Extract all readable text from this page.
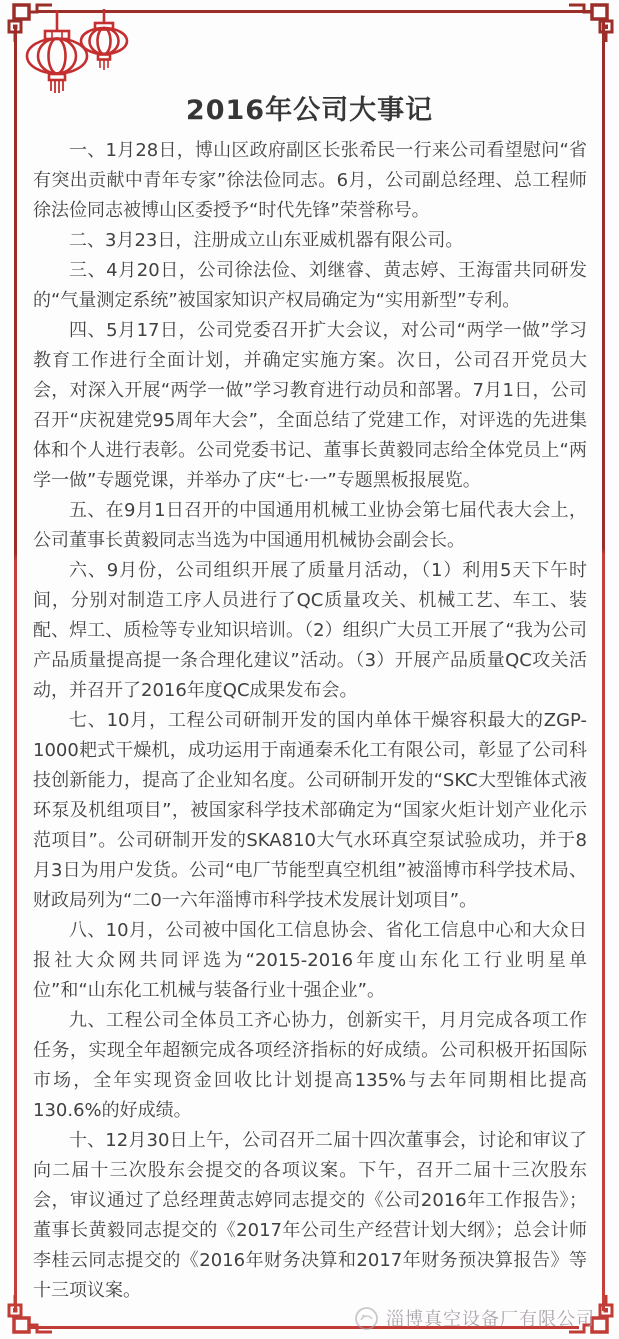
2016年公司大事记

一、1月28日，博山区政府副区长张希民一行来公司看望慰问“省有突出贡献中青年专家”徐法俭同志。6月，公司副总经理、总工程师徐法俭同志被博山区委授予“时代先锋”荣誉称号。

二、3月23日，注册成立山东亚威机器有限公司。

三、4月20日，公司徐法俭、刘继睿、黄志婷、王海雷共同研发的“气量测定系统”被国家知识产权局确定为“实用新型”专利。

四、5月17日，公司党委召开扩大会议，对公司“两学一做”学习教育工作进行全面计划，并确定实施方案。次日，公司召开党员大会，对深入开展“两学一做”学习教育进行动员和部署。7月1日，公司召开“庆祝建党95周年大会”，全面总结了党建工作，对评选的先进集体和个人进行表彰。公司党委书记、董事长黄毅同志给全体党员上“两学一做”专题党课，并举办了庆“七·一”专题黑板报展览。

五、在9月1日召开的中国通用机械工业协会第七届代表大会上，公司董事长黄毅同志当选为中国通用机械协会副会长。

六、9月份，公司组织开展了质量月活动，（1）利用5天下午时间，分别对制造工序人员进行了QC质量攻关、机械工艺、车工、装配、焊工、质检等专业知识培训。（2）组织广大员工开展了“我为公司产品质量提高提一条合理化建议”活动。（3）开展产品质量QC攻关活动，并召开了2016年度QC成果发布会。

七、10月，工程公司研制开发的国内单体干燥容积最大的ZGP-1000耙式干燥机，成功运用于南通秦禾化工有限公司，彰显了公司科技创新能力，提高了企业知名度。公司研制开发的“SKC大型锥体式液环泵及机组项目”，被国家科学技术部确定为“国家火炬计划产业化示范项目”。公司研制开发的SKA810大气水环真空泵试验成功，并于8月3日为用户发货。公司“电厂节能型真空机组”被淄博市科学技术局、财政局列为“二0一六年淄博市科学技术发展计划项目”。

八、10月，公司被中国化工信息协会、省化工信息中心和大众日报社大众网共同评选为“2015-2016年度山东化工行业明星单位”和“山东化工机械与装备行业十强企业”。

九、工程公司全体员工齐心协力，创新实干，月月完成各项工作任务，实现全年超额完成各项经济指标的好成绩。公司积极开拓国际市场，全年实现资金回收比计划提高135%与去年同期相比提高130.6%的好成绩。

十、12月30日上午，公司召开二届十四次董事会，讨论和审议了向二届十三次股东会提交的各项议案。下午，召开二届十三次股东会，审议通过了总经理黄志婷同志提交的《公司2016年工作报告》；董事长黄毅同志提交的《2017年公司生产经营计划大纲》；总会计师李桂云同志提交的《2016年财务决算和2017年财务预决算报告》等十三项议案。

淄博真空设备厂有限公司
